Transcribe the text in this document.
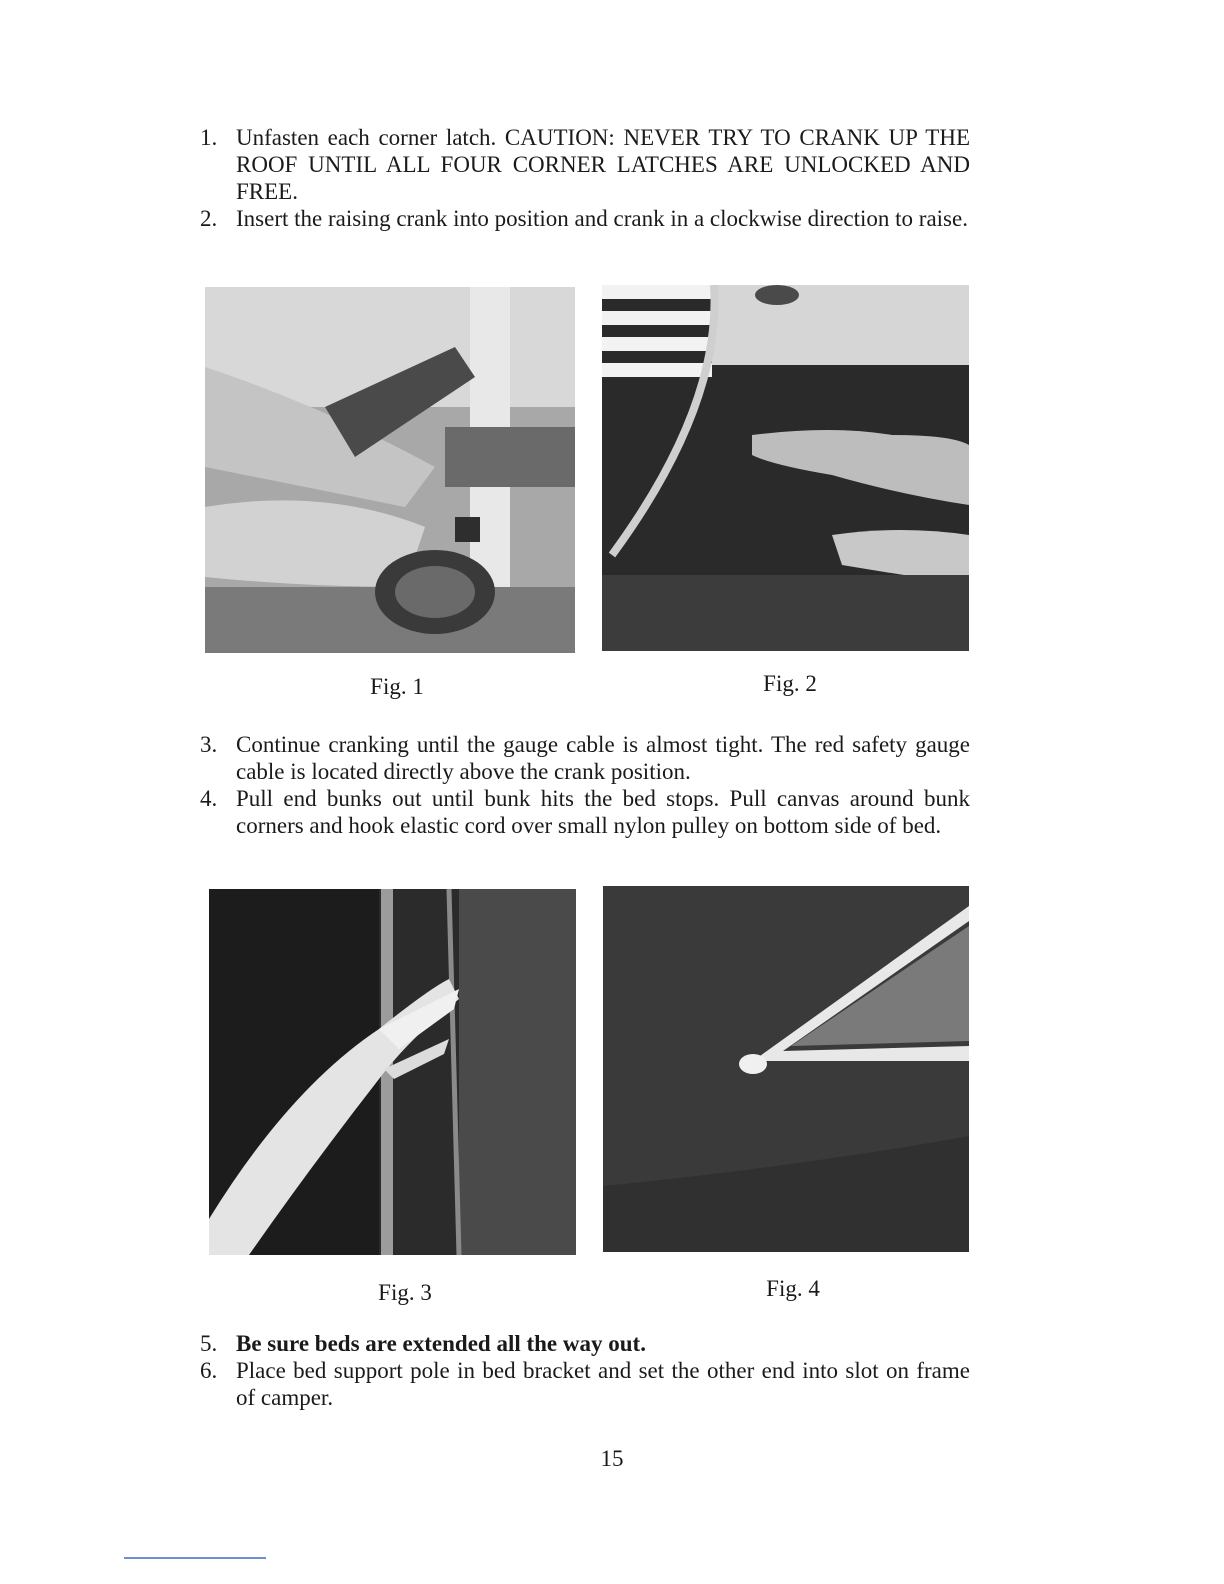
1. Unfasten each corner latch. CAUTION: NEVER TRY TO CRANK UP THE ROOF UNTIL ALL FOUR CORNER LATCHES ARE UNLOCKED AND FREE.
2. Insert the raising crank into position and crank in a clockwise direction to raise.
Fig. 1	Fig. 2
3. Continue cranking until the gauge cable is almost tight. The red safety gauge cable is located directly above the crank position.
4. Pull end bunks out until bunk hits the bed stops. Pull canvas around bunk corners and hook elastic cord over small nylon pulley on bottom side of bed.
Fig. 3	Fig. 4
5. Be sure beds are extended all the way out.
6. Place bed support pole in bed bracket and set the other end into slot on frame of camper.
15
